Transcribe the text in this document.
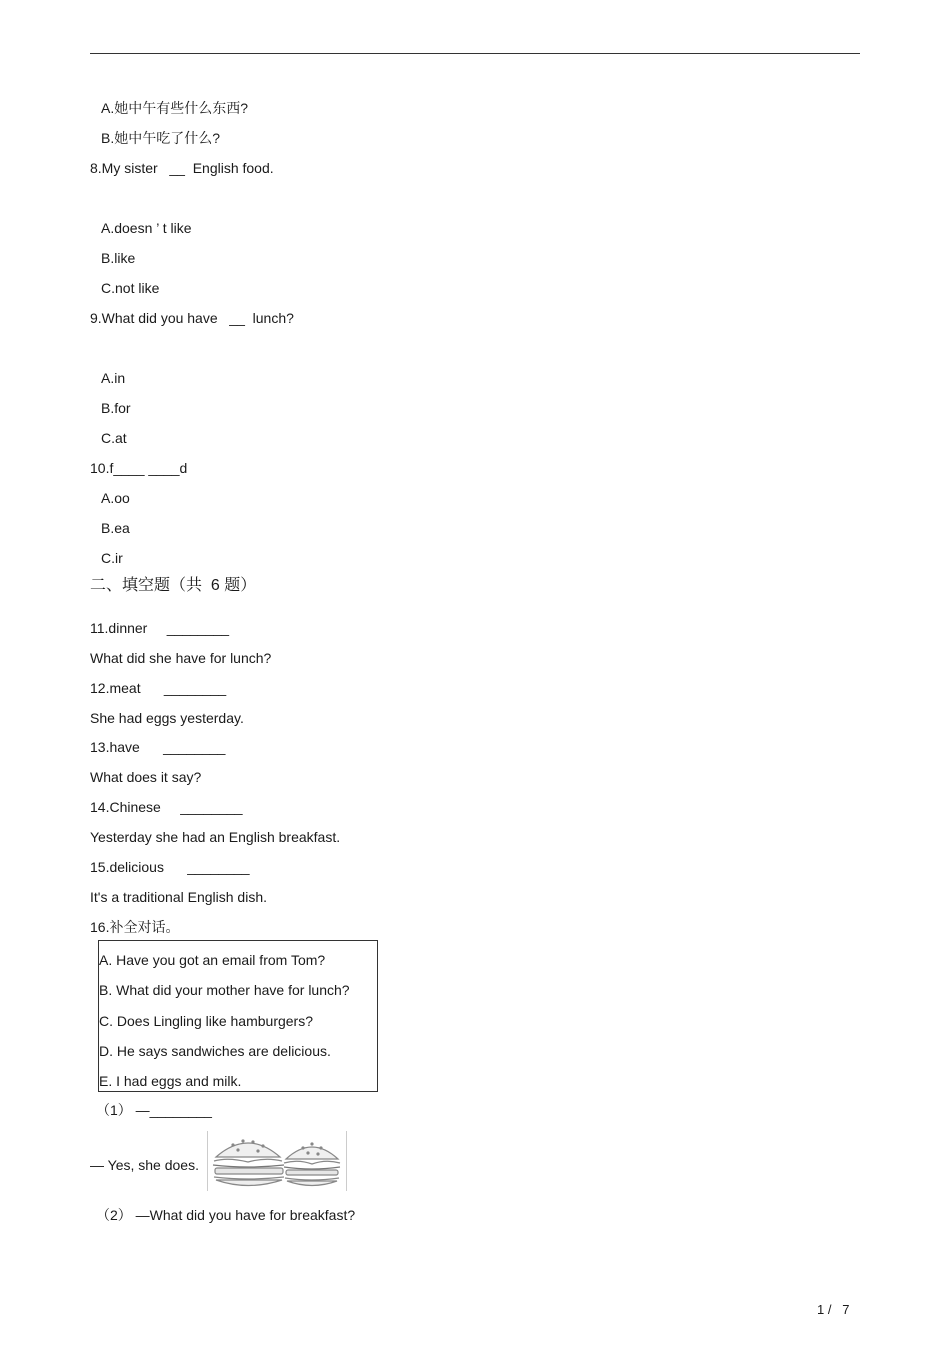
A.她中午有些什么东西?
B.她中午吃了什么?
8.My sister   __  English food.
A.doesn ’ t like
B.like
C.not like
9.What did you have   __  lunch?
A.in
B.for
C.at
10.f____ ____d
A.oo
B.ea
C.ir
二、填空题（共  6 题）
11.dinner     ________
What did she have for lunch?
12.meat      ________
She had eggs yesterday.
13.have      ________
What does it say?
14.Chinese     ________
Yesterday she had an English breakfast.
15.delicious      ________
It's a traditional English dish.
16.补全对话。
A. Have you got an email from Tom?
B. What did your mother have for lunch?
C. Does Lingling like hamburgers?
D. He says sandwiches are delicious.
E. I had eggs and milk.
（1） —________
— Yes, she does.
（2） —What did you have for breakfast?
1 /   7
